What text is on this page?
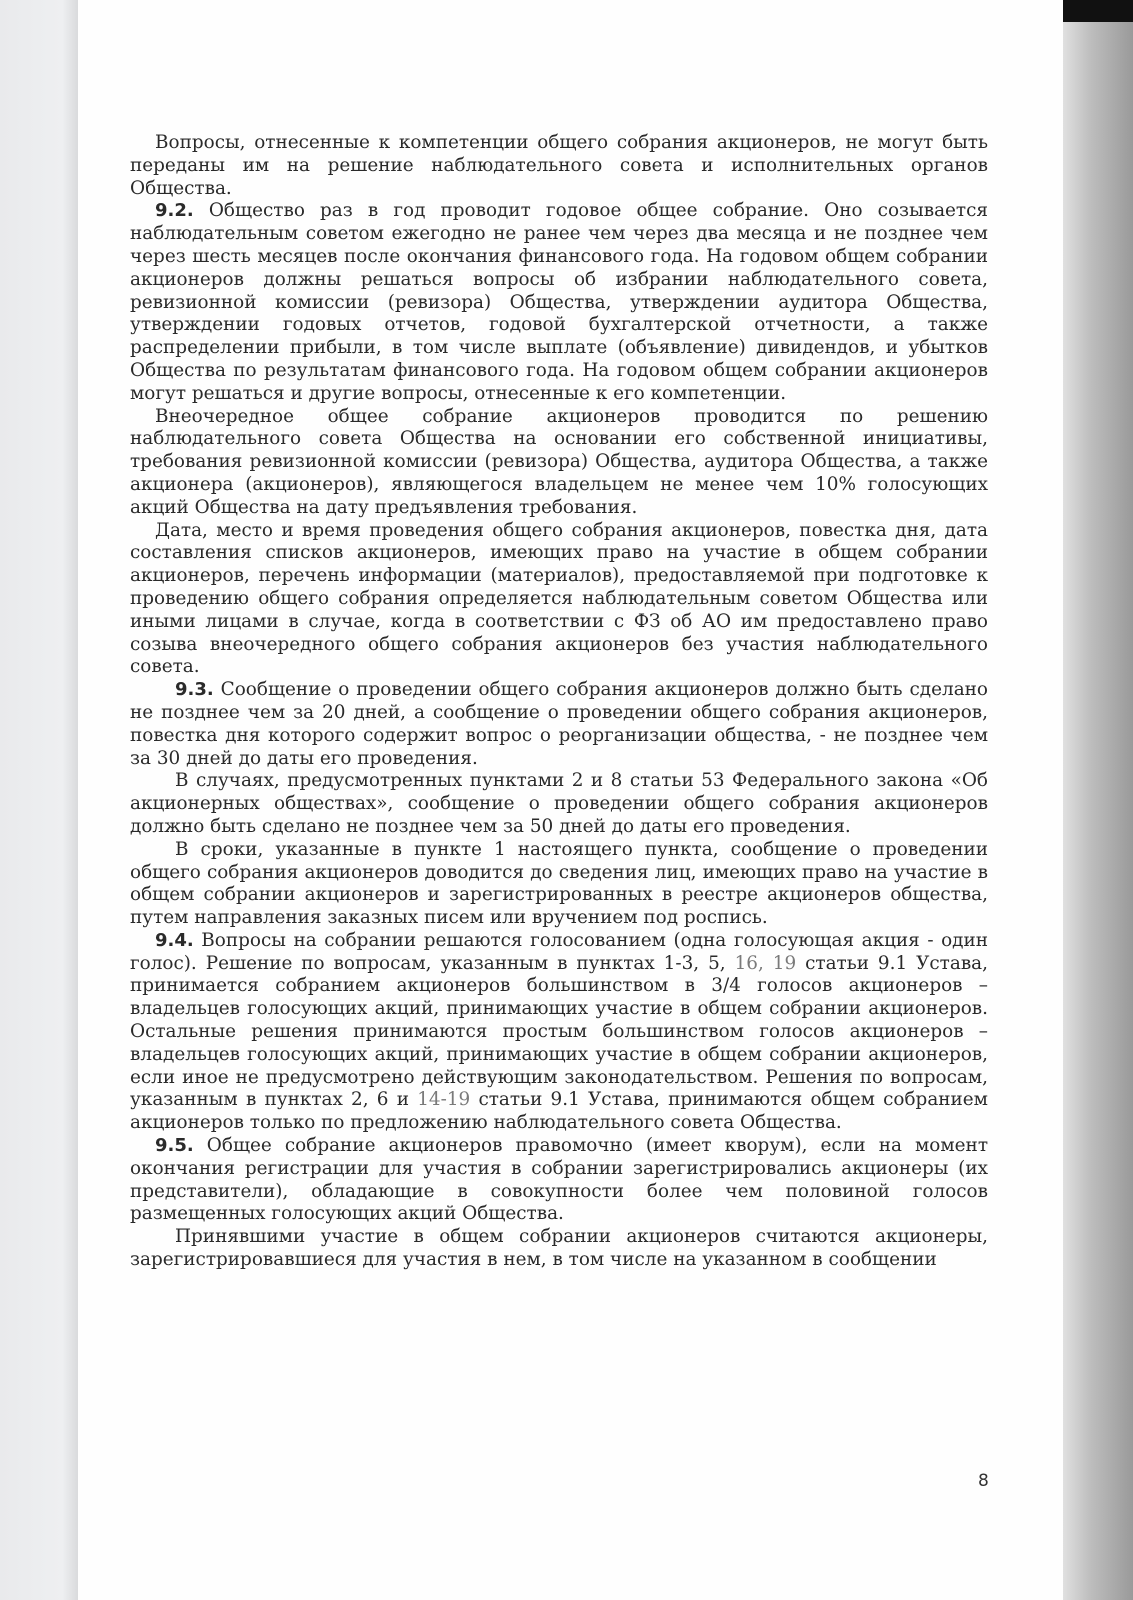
Вопросы, отнесенные к компетенции общего собрания акционеров, не могут быть переданы им на решение наблюдательного совета и исполнительных органов Общества.

9.2. Общество раз в год проводит годовое общее собрание. Оно созывается наблюдательным советом ежегодно не ранее чем через два месяца и не позднее чем через шесть месяцев после окончания финансового года. На годовом общем собрании акционеров должны решаться вопросы об избрании наблюдательного совета, ревизионной комиссии (ревизора) Общества, утверждении аудитора Общества, утверждении годовых отчетов, годовой бухгалтерской отчетности, а также распределении прибыли, в том числе выплате (объявление) дивидендов, и убытков Общества по результатам финансового года. На годовом общем собрании акционеров могут решаться и другие вопросы, отнесенные к его компетенции.

Внеочередное общее собрание акционеров проводится по решению наблюдательного совета Общества на основании его собственной инициативы, требования ревизионной комиссии (ревизора) Общества, аудитора Общества, а также акционера (акционеров), являющегося владельцем не менее чем 10% голосующих акций Общества на дату предъявления требования.

Дата, место и время проведения общего собрания акционеров, повестка дня, дата составления списков акционеров, имеющих право на участие в общем собрании акционеров, перечень информации (материалов), предоставляемой при подготовке к проведению общего собрания определяется наблюдательным советом Общества или иными лицами в случае, когда в соответствии с ФЗ об АО им предоставлено право созыва внеочередного общего собрания акционеров без участия наблюдательного совета.

9.3. Сообщение о проведении общего собрания акционеров должно быть сделано не позднее чем за 20 дней, а сообщение о проведении общего собрания акционеров, повестка дня которого содержит вопрос о реорганизации общества, - не позднее чем за 30 дней до даты его проведения.

В случаях, предусмотренных пунктами 2 и 8 статьи 53 Федерального закона «Об акционерных обществах», сообщение о проведении общего собрания акционеров должно быть сделано не позднее чем за 50 дней до даты его проведения.

В сроки, указанные в пункте 1 настоящего пункта, сообщение о проведении общего собрания акционеров доводится до сведения лиц, имеющих право на участие в общем собрании акционеров и зарегистрированных в реестре акционеров общества, путем направления заказных писем или вручением под роспись.

9.4. Вопросы на собрании решаются голосованием (одна голосующая акция - один голос). Решение по вопросам, указанным в пунктах 1-3, 5, 16, 19 статьи 9.1 Устава, принимается собранием акционеров большинством в 3/4 голосов акционеров – владельцев голосующих акций, принимающих участие в общем собрании акционеров. Остальные решения принимаются простым большинством голосов акционеров – владельцев голосующих акций, принимающих участие в общем собрании акционеров, если иное не предусмотрено действующим законодательством. Решения по вопросам, указанным в пунктах 2, 6 и 14-19 статьи 9.1 Устава, принимаются общем собранием акционеров только по предложению наблюдательного совета Общества.

9.5. Общее собрание акционеров правомочно (имеет кворум), если на момент окончания регистрации для участия в собрании зарегистрировались акционеры (их представители), обладающие в совокупности более чем половиной голосов размещенных голосующих акций Общества.

Принявшими участие в общем собрании акционеров считаются акционеры, зарегистрировавшиеся для участия в нем, в том числе на указанном в сообщении

8
